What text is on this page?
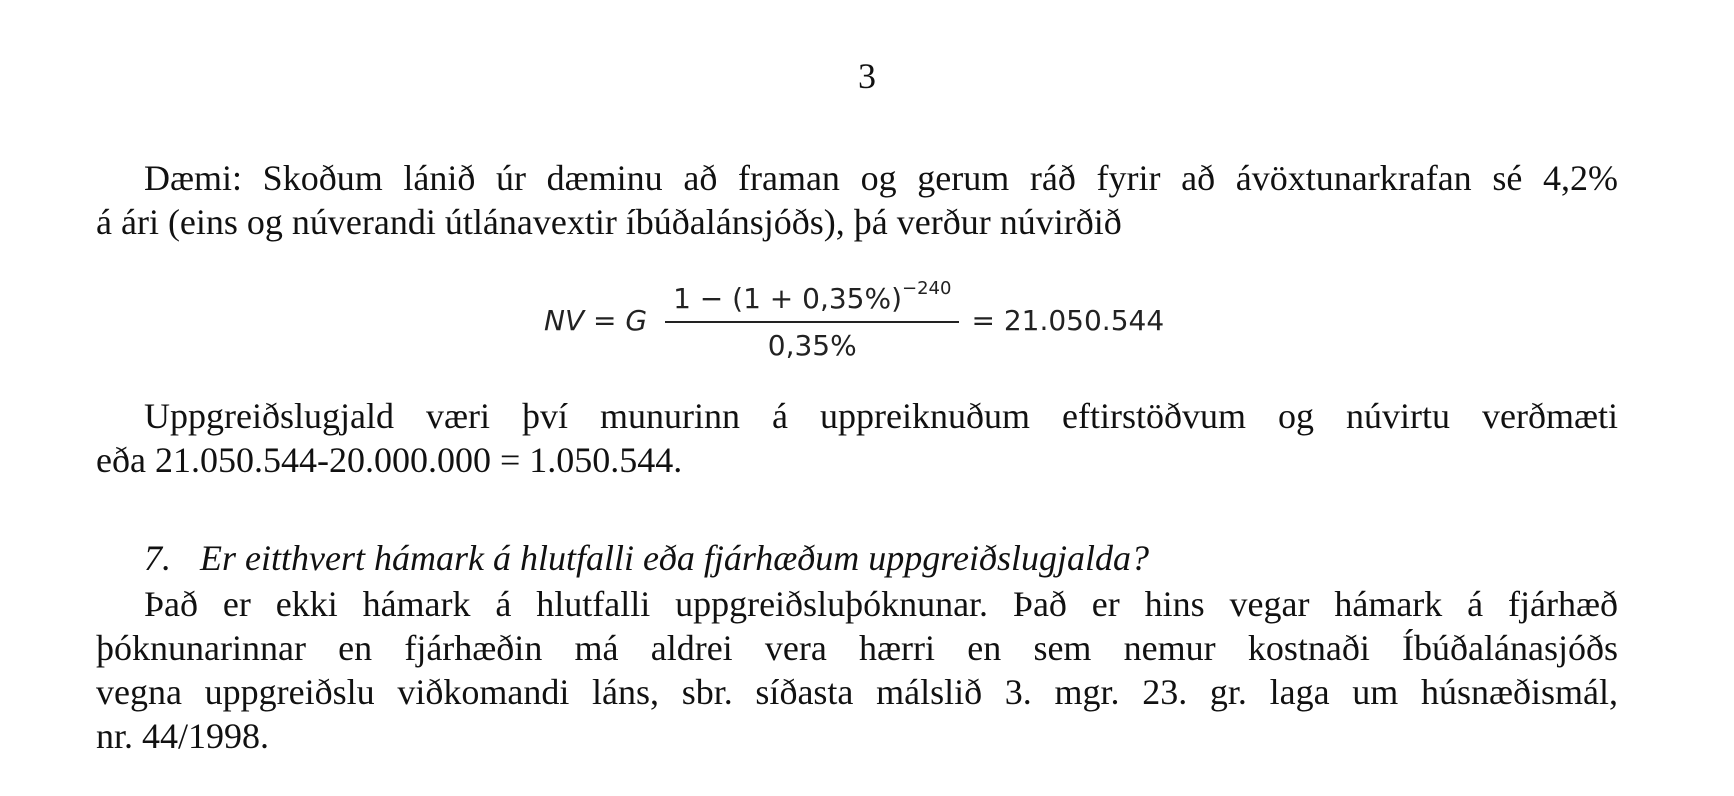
3

Dæmi: Skoðum lánið úr dæminu að framan og gerum ráð fyrir að ávöxtunarkrafan sé 4,2%
á ári (eins og núverandi útlánavextir íbúðalánsjóðs), þá verður núvirðið

NV = G $\frac{1 - (1 + 0,35\%)^{-240}}{0,35\%} = 21.050.544$

Uppgreiðslugjald væri því munurinn á uppreiknuðum eftirstöðvum og núvirtu verðmæti
eða 21.050.544-20.000.000 = 1.050.544.

7. Er eitthvert hámark á hlutfalli eða fjárhæðum uppgreiðslugjalda?

Það er ekki hámark á hlutfalli uppgreiðsluþóknunar. Það er hins vegar hámark á fjárhæð
þóknunarinnar en fjárhæðin má aldrei vera hærri en sem nemur kostnaði Íbúðalánasjóðs
vegna uppgreiðslu viðkomandi láns, sbr. síðasta málslið 3. mgr. 23. gr. laga um húsnæðismál,
nr. 44/1998.
